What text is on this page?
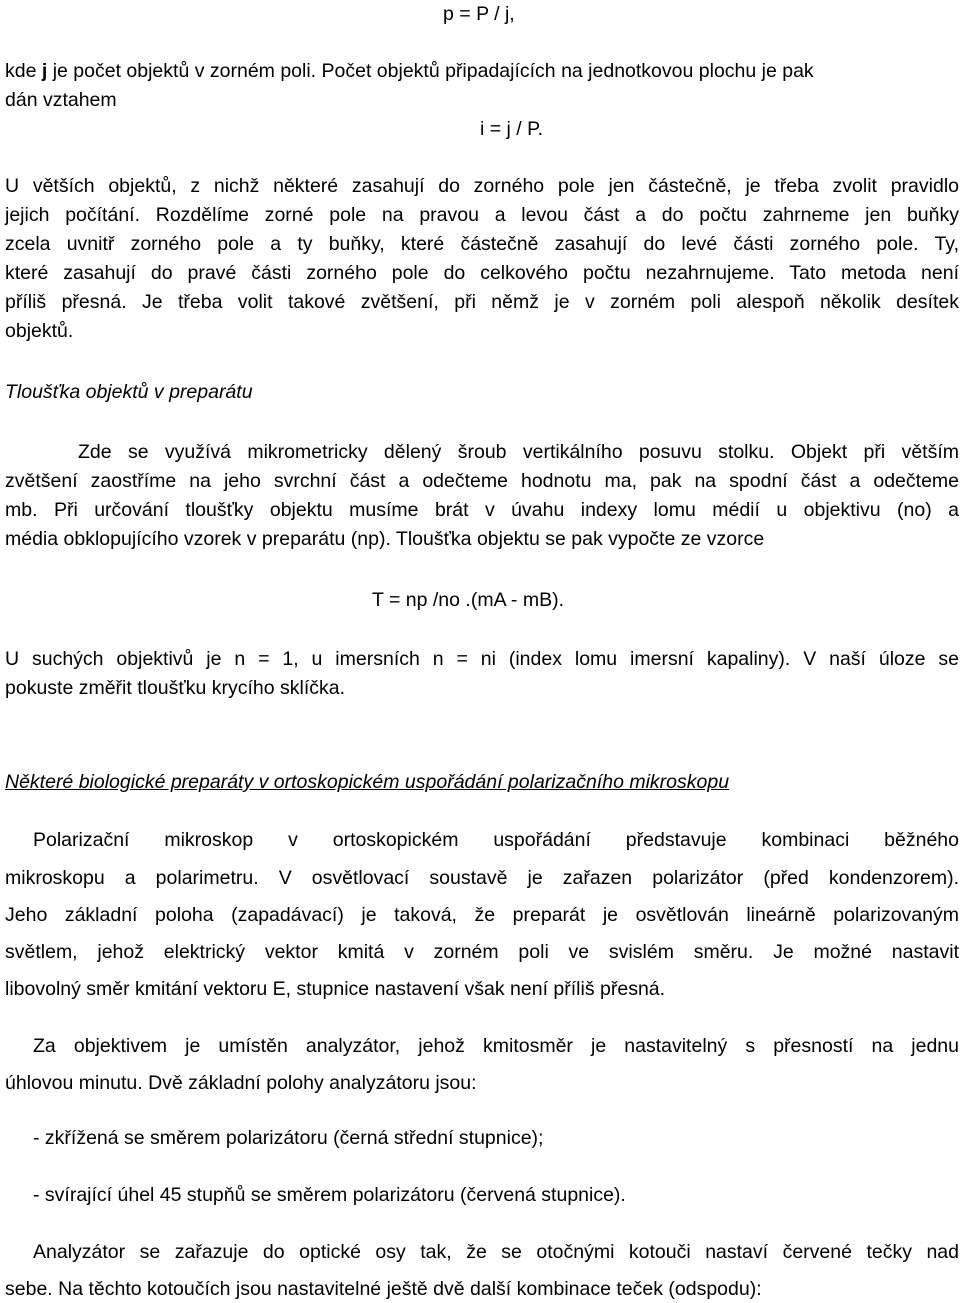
p = P / j,
kde j je počet objektů v zorném poli. Počet objektů připadajících na jednotkovou plochu je pak
dán vztahem
i = j / P.
U větších objektů, z nichž některé zasahují do zorného pole jen částečně, je třeba zvolit pravidlo
jejich počítání. Rozdělíme zorné pole na pravou a levou část a do počtu zahrneme jen buňky
zcela uvnitř zorného pole a ty buňky, které částečně zasahují do levé části zorného pole. Ty,
které zasahují do pravé části zorného pole do celkového počtu nezahrnujeme. Tato metoda není
příliš přesná. Je třeba volit takové zvětšení, při němž je v zorném poli alespoň několik desítek
objektů.
Tloušťka objektů v preparátu
Zde se využívá mikrometricky dělený šroub vertikálního posuvu stolku. Objekt při větším
zvětšení zaostříme na jeho svrchní část a odečteme hodnotu ma, pak na spodní část a odečteme
mb. Při určování tloušťky objektu musíme brát v úvahu indexy lomu médií u objektivu (no) a
média obklopujícího vzorek v preparátu (np). Tloušťka objektu se pak vypočte ze vzorce
T = np /no .(mA - mB).
U suchých objektivů je n = 1, u imersních n = ni (index lomu imersní kapaliny). V naší úloze se
pokuste změřit tloušťku krycího sklíčka.
Některé biologické preparáty v ortoskopickém uspořádání polarizačního mikroskopu
Polarizační mikroskop v ortoskopickém uspořádání představuje kombinaci běžného
mikroskopu a polarimetru. V osvětlovací soustavě je zařazen polarizátor (před kondenzorem).
Jeho základní poloha (zapadávací) je taková, že preparát je osvětlován lineárně polarizovaným
světlem, jehož elektrický vektor kmitá v zorném poli ve svislém směru. Je možné nastavit
libovolný směr kmitání vektoru E, stupnice nastavení však není příliš přesná.
Za objektivem je umístěn analyzátor, jehož kmitosměr je nastavitelný s přesností na jednu
úhlovou minutu. Dvě základní polohy analyzátoru jsou:
- zkřížená se směrem polarizátoru (černá střední stupnice);
- svírající úhel 45 stupňů se směrem polarizátoru (červená stupnice).
Analyzátor se zařazuje do optické osy tak, že se otočnými kotouči nastaví červené tečky nad
sebe. Na těchto kotoučích jsou nastavitelné ještě dvě další kombinace teček (odspodu):
